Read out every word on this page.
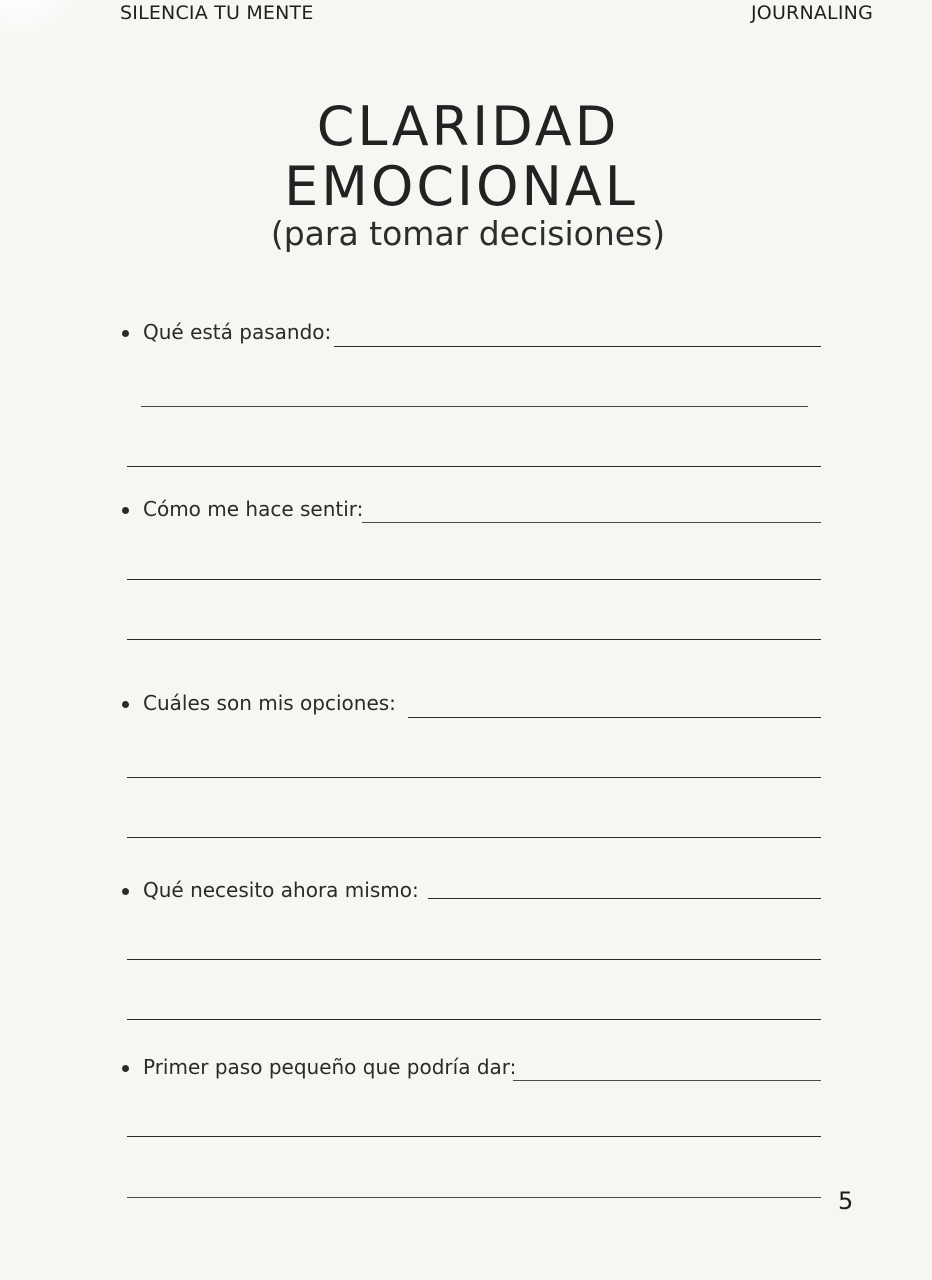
SILENCIA TU MENTE	JOURNALING
CLARIDAD
EMOCIONAL
(para tomar decisiones)
Qué está pasando:
Cómo me hace sentir:
Cuáles son mis opciones:
Qué necesito ahora mismo:
Primer paso pequeño que podría dar:
5
